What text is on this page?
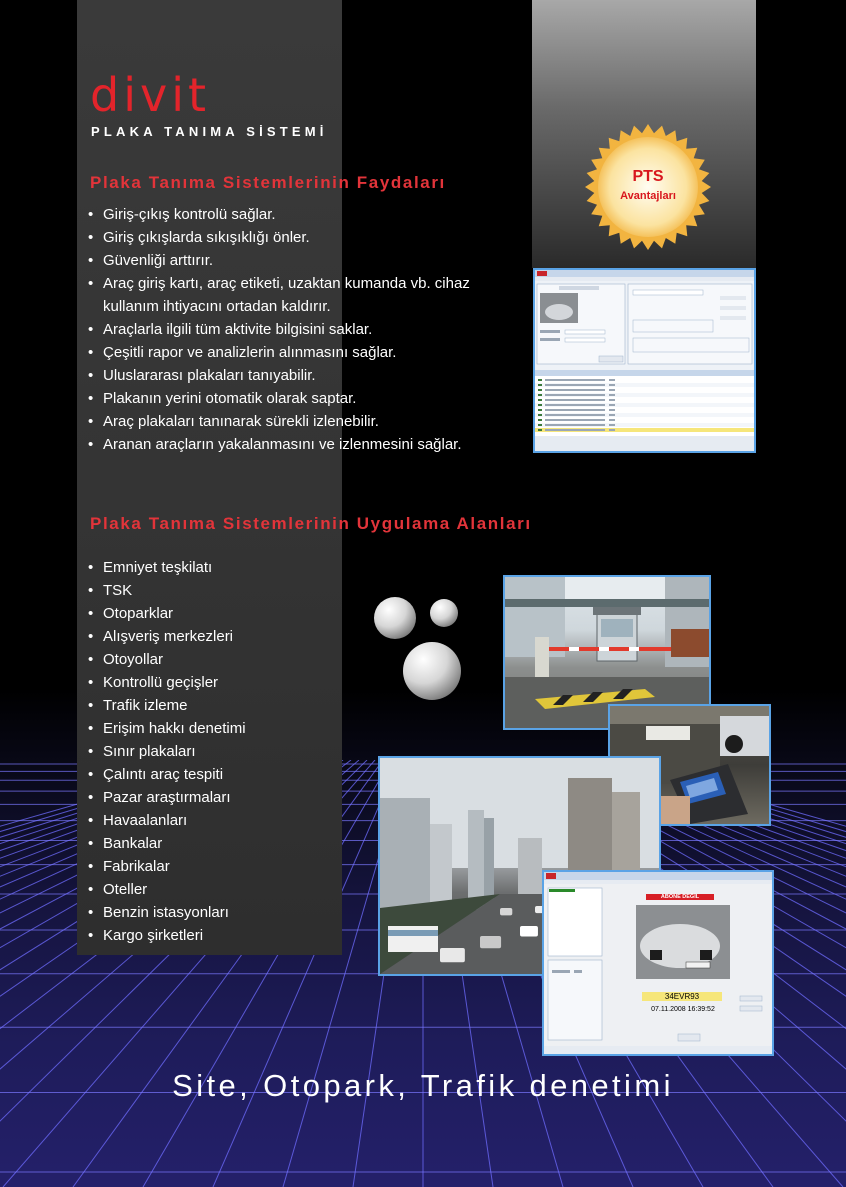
divit
PLAKA TANIMA SİSTEMİ
Plaka Tanıma Sistemlerinin Faydaları
• Giriş-çıkış kontrolü sağlar.
• Giriş çıkışlarda sıkışıklığı önler.
• Güvenliği arttırır.
• Araç giriş kartı, araç etiketi, uzaktan kumanda vb. cihaz kullanım ihtiyacını ortadan kaldırır.
• Araçlarla ilgili tüm aktivite bilgisini saklar.
• Çeşitli rapor ve analizlerin alınmasını sağlar.
• Uluslararası plakaları tanıyabilir.
• Plakanın yerini otomatik olarak saptar.
• Araç plakaları tanınarak sürekli izlenebilir.
• Aranan araçların yakalanmasını ve izlenmesini sağlar.
PTS
Avantajları
ABONE DEĞİL
34EVR93
07.11.2008 16:39:52
Plaka Tanıma Sistemlerinin Uygulama Alanları
• Emniyet teşkilatı
• TSK
• Otoparklar
• Alışveriş merkezleri
• Otoyollar
• Kontrollü geçişler
• Trafik izleme
• Erişim hakkı denetimi
• Sınır plakaları
• Çalıntı araç tespiti
• Pazar araştırmaları
• Havaalanları
• Bankalar
• Fabrikalar
• Oteller
• Benzin istasyonları
• Kargo şirketleri
Site, Otopark, Trafik denetimi
